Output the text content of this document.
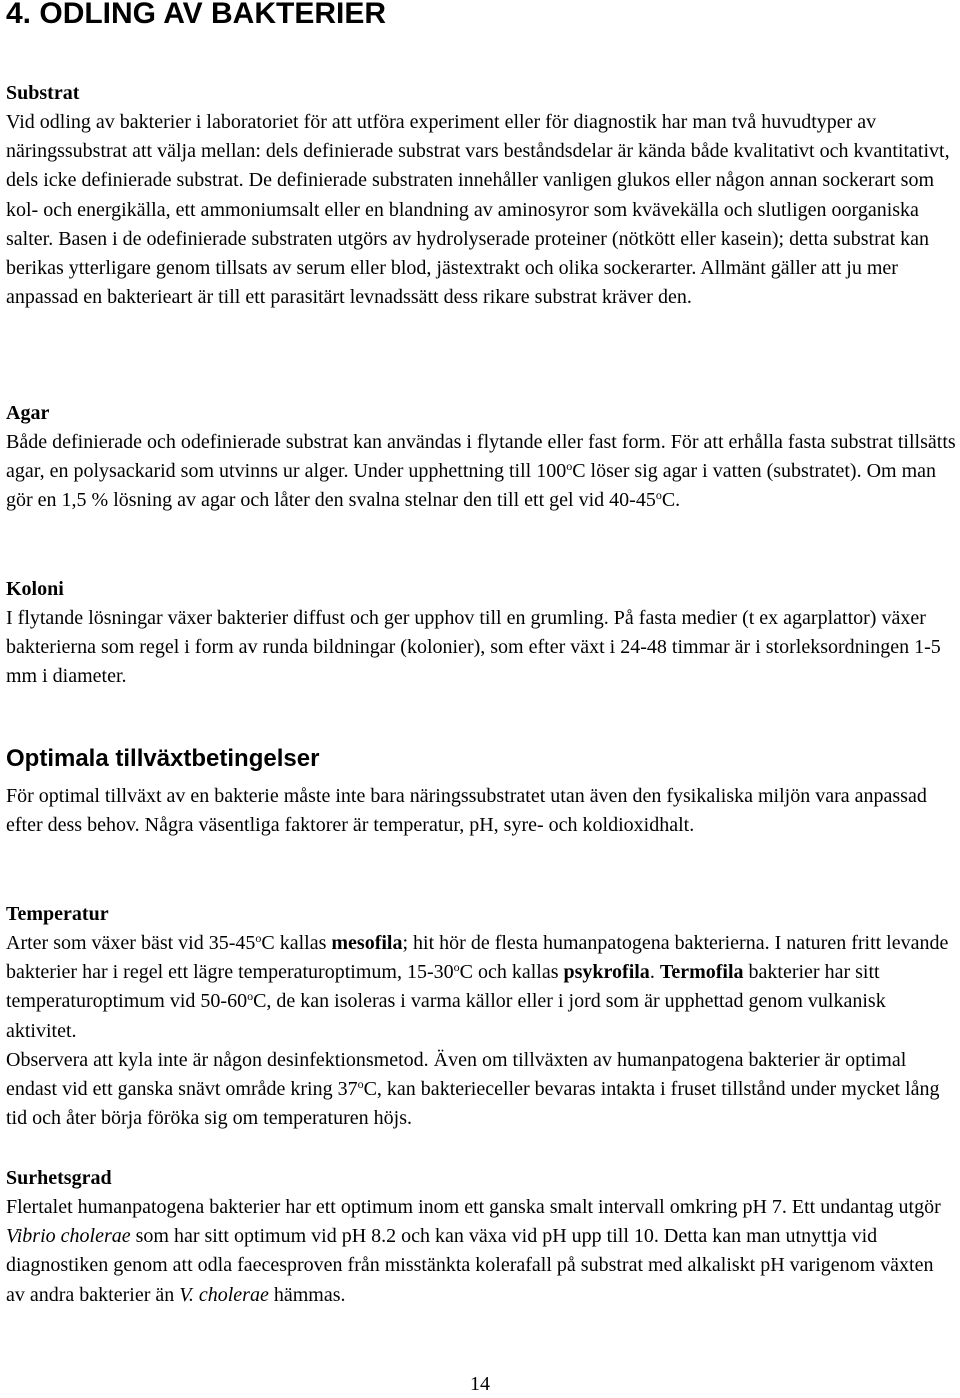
4. ODLING AV BAKTERIER
Substrat

Vid odling av bakterier i laboratoriet för att utföra experiment eller för diagnostik har man två huvudtyper av näringssubstrat att välja mellan: dels definierade substrat vars beståndsdelar är kända både kvalitativt och kvantitativt, dels icke definierade substrat. De definierade substraten innehåller vanligen glukos eller någon annan sockerart som kol- och energikälla, ett ammoniumsalt eller en blandning av aminosyror som kvävekälla och slutligen oorganiska salter. Basen i de odefinierade substraten utgörs av hydrolyserade proteiner (nötkött eller kasein); detta substrat kan berikas ytterligare genom tillsats av serum eller blod, jästextrakt och olika sockerarter. Allmänt gäller att ju mer anpassad en bakterieart är till ett parasitärt levnadssätt dess rikare substrat kräver den.

Agar

Både definierade och odefinierade substrat kan användas i flytande eller fast form. För att erhålla fasta substrat tillsätts agar, en polysackarid som utvinns ur alger. Under upphettning till 100$^o$C löser sig agar i vatten (substratet). Om man gör en 1,5 % lösning av agar och låter den svalna stelnar den till ett gel vid 40-45$^o$C.

Koloni

I flytande lösningar växer bakterier diffust och ger upphov till en grumling. På fasta medier (t ex agarplattor) växer bakterierna som regel i form av runda bildningar (kolonier), som efter växt i 24-48 timmar är i storleksordningen 1-5 mm i diameter.

Optimala tillväxtbetingelser

För optimal tillväxt av en bakterie måste inte bara näringssubstratet utan även den fysikaliska miljön vara anpassad efter dess behov. Några väsentliga faktorer är temperatur, pH, syre- och koldioxidhalt.

Temperatur

Arter som växer bäst vid 35-45$^o$C kallas mesofila; hit hör de flesta humanpatogena bakterierna. I naturen fritt levande bakterier har i regel ett lägre temperaturoptimum, 15-30$^o$C och kallas psykrofila. Termofila bakterier har sitt temperaturoptimum vid 50-60$^o$C, de kan isoleras i varma källor eller i jord som är upphettad genom vulkanisk aktivitet.

Observera att kyla inte är någon desinfektionsmetod. Även om tillväxten av humanpatogena bakterier är optimal endast vid ett ganska snävt område kring 37$^o$C, kan bakterieceller bevaras intakta i fruset tillstånd under mycket lång tid och åter börja föröka sig om temperaturen höjs.

Surhetsgrad

Flertalet humanpatogena bakterier har ett optimum inom ett ganska smalt intervall omkring pH 7. Ett undantag utgör Vibrio cholerae som har sitt optimum vid pH 8.2 och kan växa vid pH upp till 10. Detta kan man utnyttja vid diagnostiken genom att odla faecesproven från misstänkta kolerafall på substrat med alkaliskt pH varigenom växten av andra bakterier än V. cholerae hämmas.

14
